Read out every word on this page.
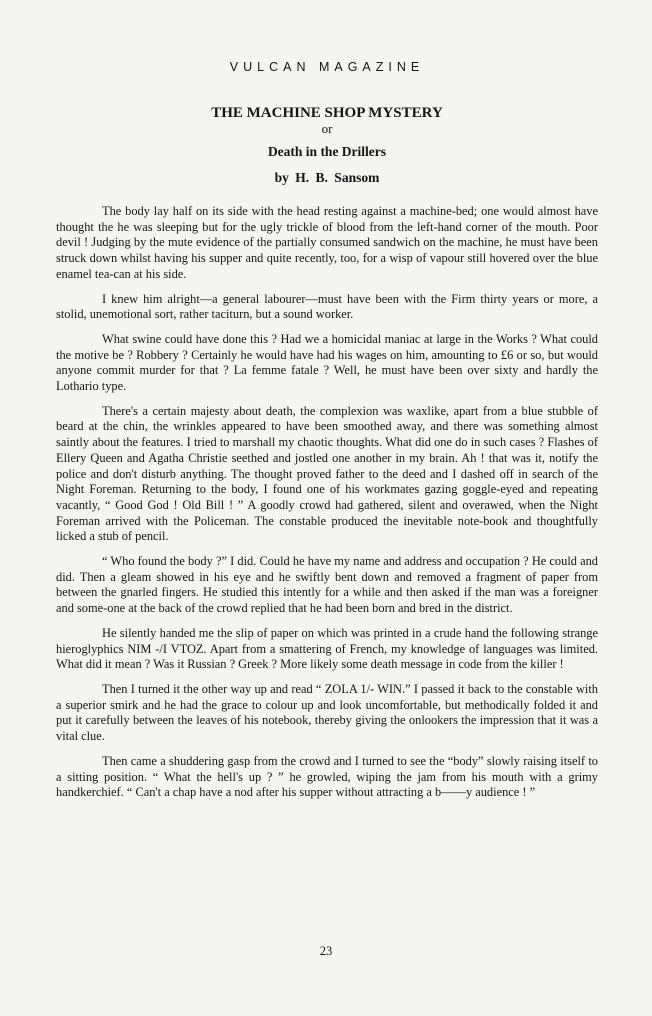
VULCAN MAGAZINE
THE MACHINE SHOP MYSTERY
or
Death in the Drillers
by H. B. Sansom

The body lay half on its side with the head resting against a machine-bed; one would almost have thought the he was sleeping but for the ugly trickle of blood from the left-hand corner of the mouth. Poor devil ! Judging by the mute evidence of the partially consumed sandwich on the machine, he must have been struck down whilst having his supper and quite recently, too, for a wisp of vapour still hovered over the blue enamel tea-can at his side.

I knew him alright—a general labourer—must have been with the Firm thirty years or more, a stolid, unemotional sort, rather taciturn, but a sound worker.

What swine could have done this ? Had we a homicidal maniac at large in the Works ? What could the motive be ? Robbery ? Certainly he would have had his wages on him, amounting to £6 or so, but would anyone commit murder for that ? La femme fatale ? Well, he must have been over sixty and hardly the Lothario type.

There's a certain majesty about death, the complexion was waxlike, apart from a blue stubble of beard at the chin, the wrinkles appeared to have been smoothed away, and there was something almost saintly about the features. I tried to marshall my chaotic thoughts. What did one do in such cases ? Flashes of Ellery Queen and Agatha Christie seethed and jostled one another in my brain. Ah ! that was it, notify the police and don't disturb anything. The thought proved father to the deed and I dashed off in search of the Night Foreman. Returning to the body, I found one of his workmates gazing goggle-eyed and repeating vacantly, “ Good God ! Old Bill ! ” A goodly crowd had gathered, silent and overawed, when the Night Foreman arrived with the Policeman. The constable produced the inevitable note-book and thoughtfully licked a stub of pencil.

“ Who found the body ?” I did. Could he have my name and address and occupation ? He could and did. Then a gleam showed in his eye and he swiftly bent down and removed a fragment of paper from between the gnarled fingers. He studied this intently for a while and then asked if the man was a foreigner and some-one at the back of the crowd replied that he had been born and bred in the district.

He silently handed me the slip of paper on which was printed in a crude hand the following strange hieroglyphics NIM -/I VTOZ. Apart from a smattering of French, my knowledge of languages was limited. What did it mean ? Was it Russian ? Greek ? More likely some death message in code from the killer !

Then I turned it the other way up and read “ ZOLA 1/- WIN.” I passed it back to the constable with a superior smirk and he had the grace to colour up and look uncomfortable, but methodically folded it and put it carefully between the leaves of his notebook, thereby giving the onlookers the impression that it was a vital clue.

Then came a shuddering gasp from the crowd and I turned to see the “body” slowly raising itself to a sitting position. “ What the hell's up ? ” he growled, wiping the jam from his mouth with a grimy handkerchief. “ Can't a chap have a nod after his supper without attracting a b——y audience ! ”

23
